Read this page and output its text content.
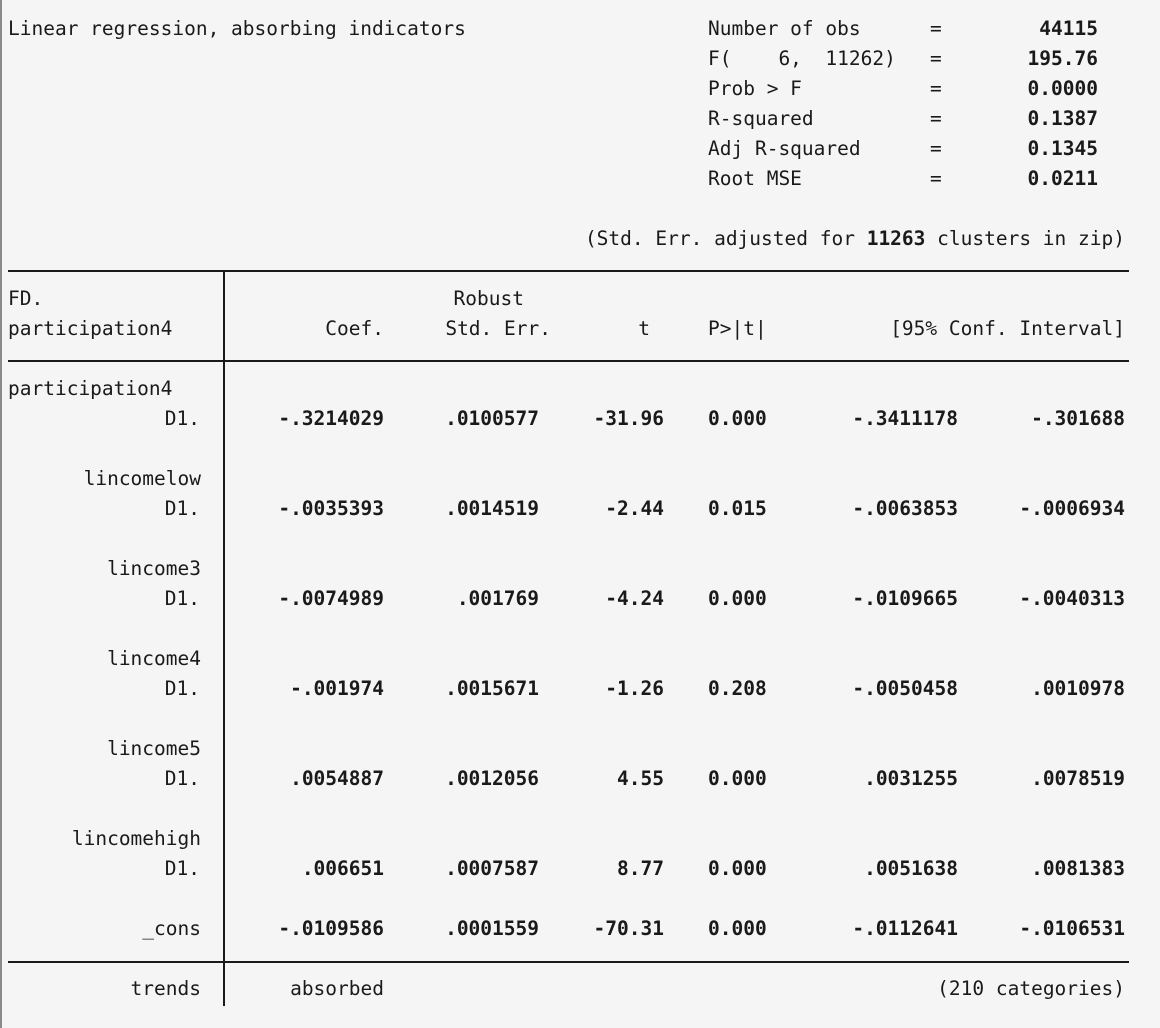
Linear regression, absorbing indicators	Number of obs	=	44115
F(    6,  11262) =	195.76
Prob > F	=	0.0000
R-squared	=	0.1387
Adj R-squared	=	0.1345
Root MSE	=	0.0211
(Std. Err. adjusted for 11263 clusters in zip)
FD.
participation4
Robust
Coef.	Std. Err.	t	P>|t|	[95% Conf. Interval]
participation4
D1.	-.3214029	.0100577	-31.96 0.000	-.3411178	-.301688
lincomelow
D1.	-.0035393	.0014519	-2.44 0.015	-.0063853	-.0006934
lincome3
D1.	-.0074989	.001769	-4.24 0.000	-.0109665	-.0040313
lincome4
D1.	-.001974	.0015671	-1.26 0.208	-.0050458	.0010978
lincome5
D1.	.0054887	.0012056	4.55 0.000	.0031255	.0078519
lincomehigh
D1.	.006651	.0007587	8.77 0.000	.0051638	.0081383
_cons	-.0109586	.0001559	-70.31 0.000	-.0112641	-.0106531
trends	absorbed	(210 categories)
